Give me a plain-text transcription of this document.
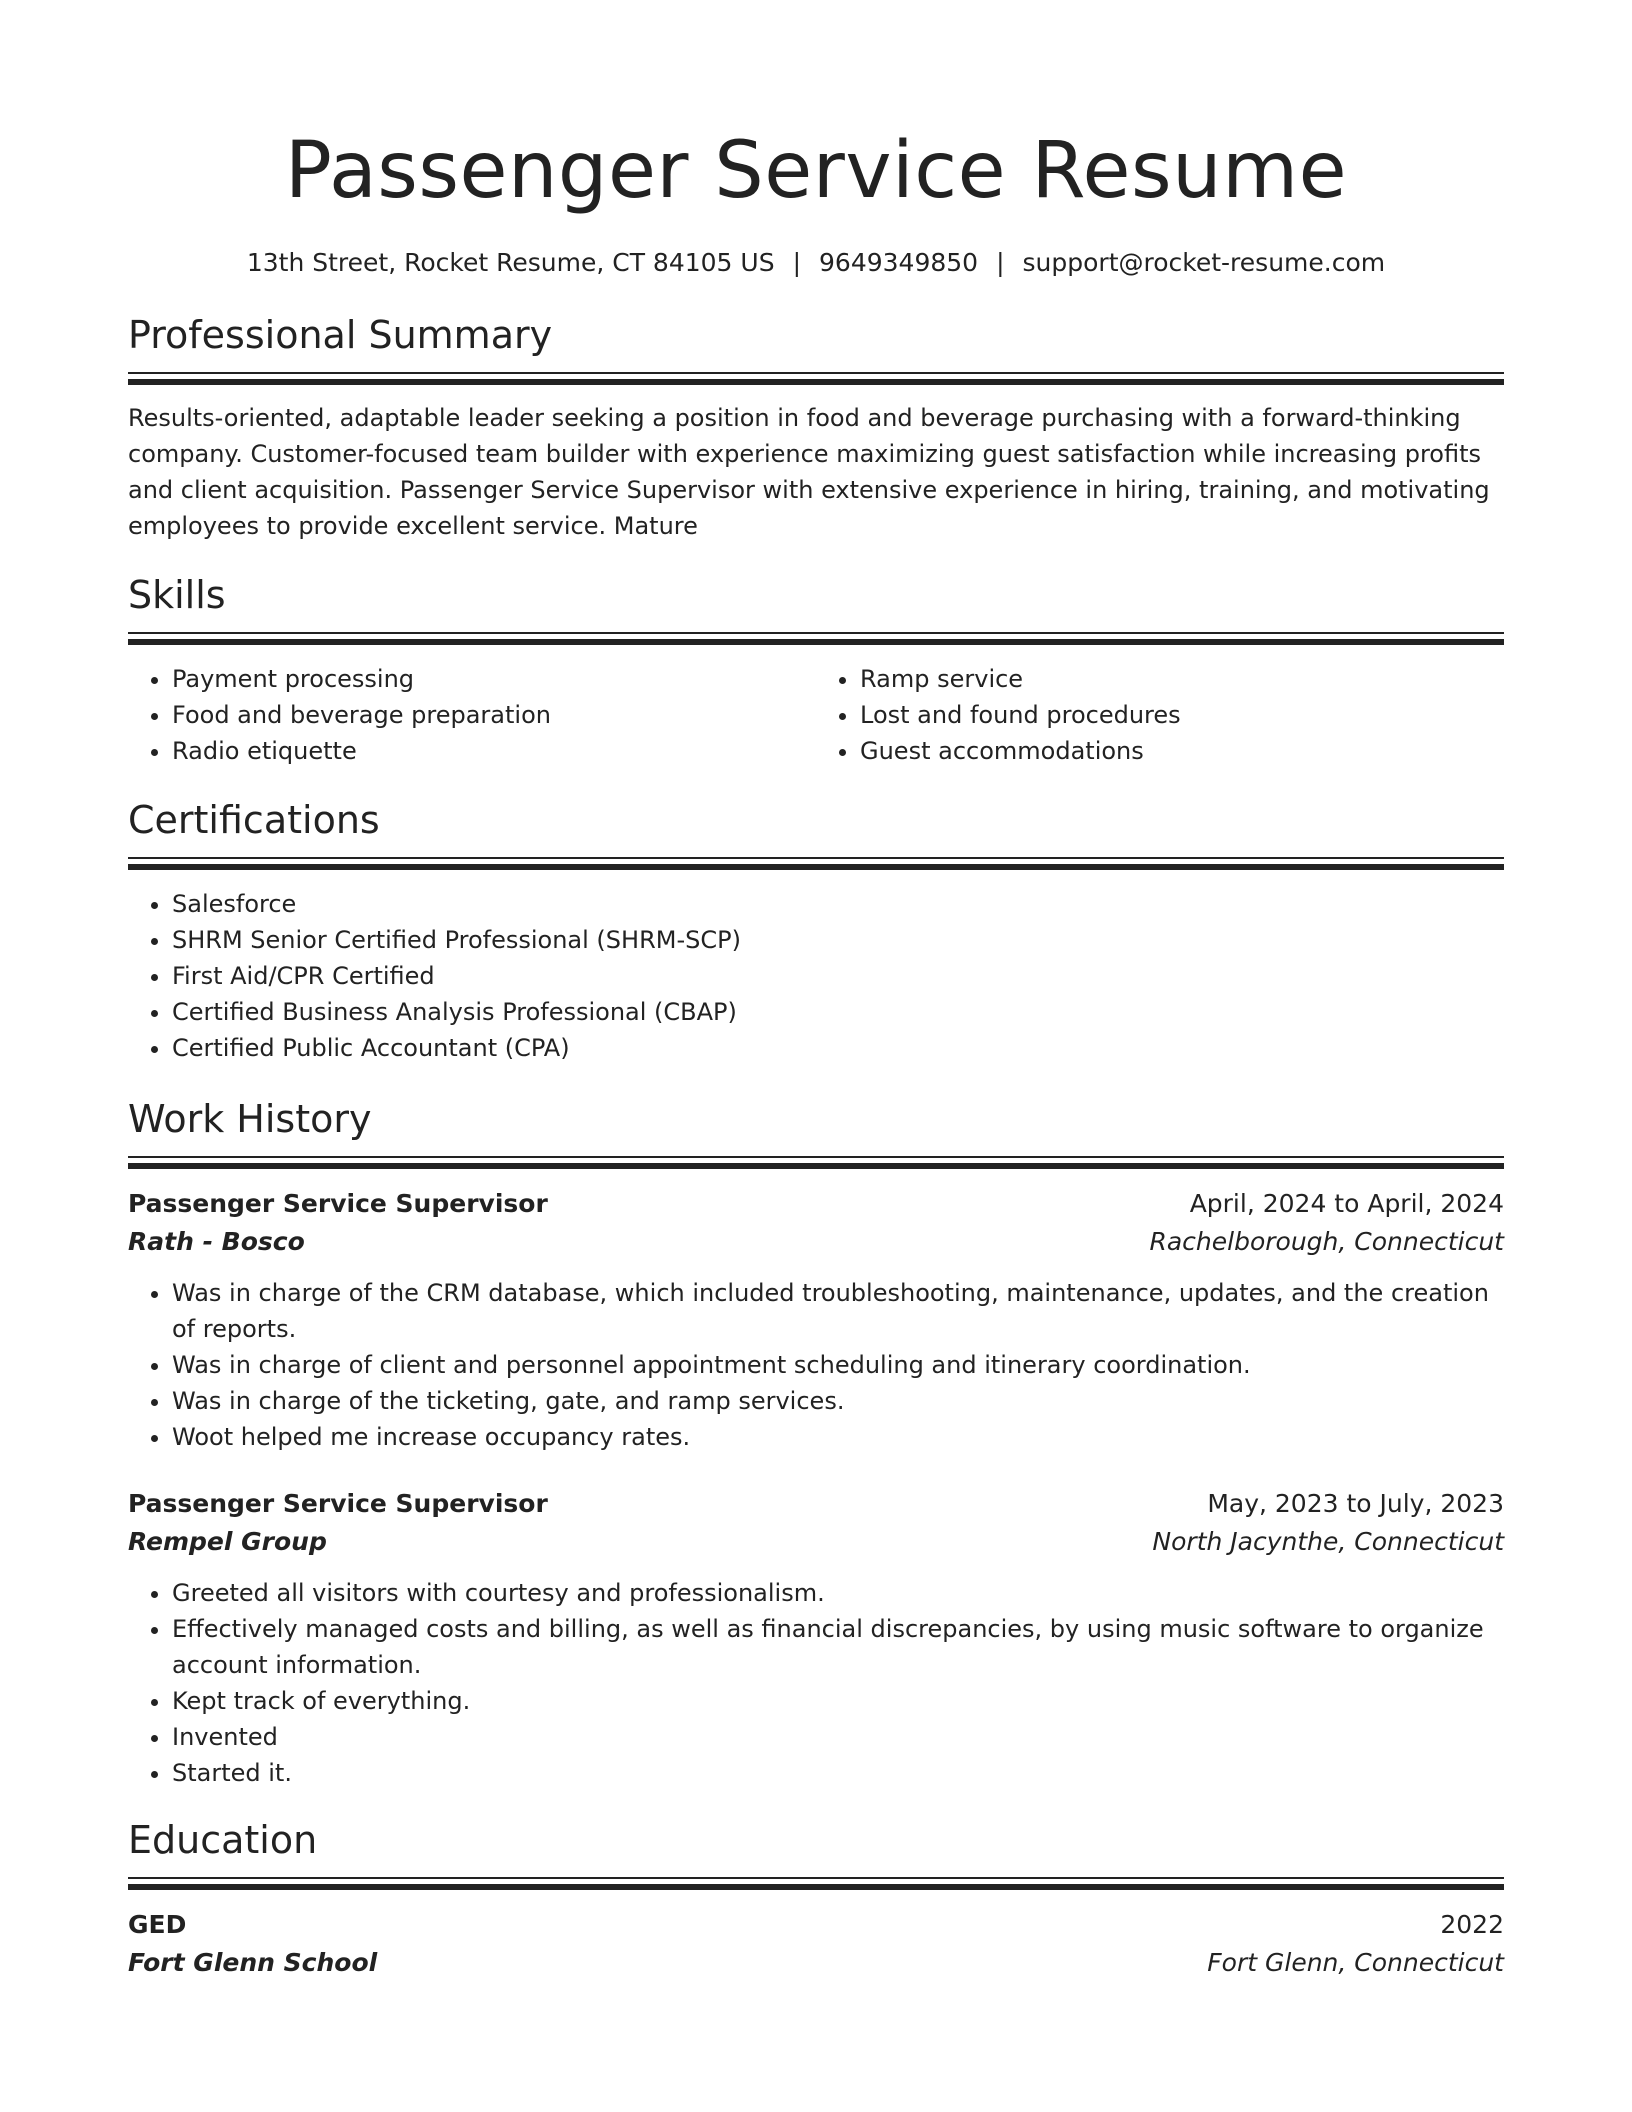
Passenger Service Resume
13th Street, Rocket Resume, CT 84105 US | 9649349850 | support@rocket-resume.com
Professional Summary

Results-oriented, adaptable leader seeking a position in food and beverage purchasing with a forward-thinking company. Customer-focused team builder with experience maximizing guest satisfaction while increasing profits and client acquisition. Passenger Service Supervisor with extensive experience in hiring, training, and motivating employees to provide excellent service. Mature

Skills
• Payment processing
• Food and beverage preparation
• Radio etiquette
• Ramp service
• Lost and found procedures
• Guest accommodations
Certifications
• Salesforce
• SHRM Senior Certified Professional (SHRM-SCP)
• First Aid/CPR Certified
• Certified Business Analysis Professional (CBAP)
• Certified Public Accountant (CPA)
Work History
Passenger Service Supervisor	April, 2024 to April, 2024
Rath - Bosco	Rachelborough, Connecticut
• Was in charge of the CRM database, which included troubleshooting, maintenance, updates, and the creation of reports.
• Was in charge of client and personnel appointment scheduling and itinerary coordination.
• Was in charge of the ticketing, gate, and ramp services.
• Woot helped me increase occupancy rates.
Passenger Service Supervisor	May, 2023 to July, 2023
Rempel Group	North Jacynthe, Connecticut
• Greeted all visitors with courtesy and professionalism.
• Effectively managed costs and billing, as well as financial discrepancies, by using music software to organize account information.
• Kept track of everything.
• Invented
• Started it.
Education
GED	2022
Fort Glenn School	Fort Glenn, Connecticut
